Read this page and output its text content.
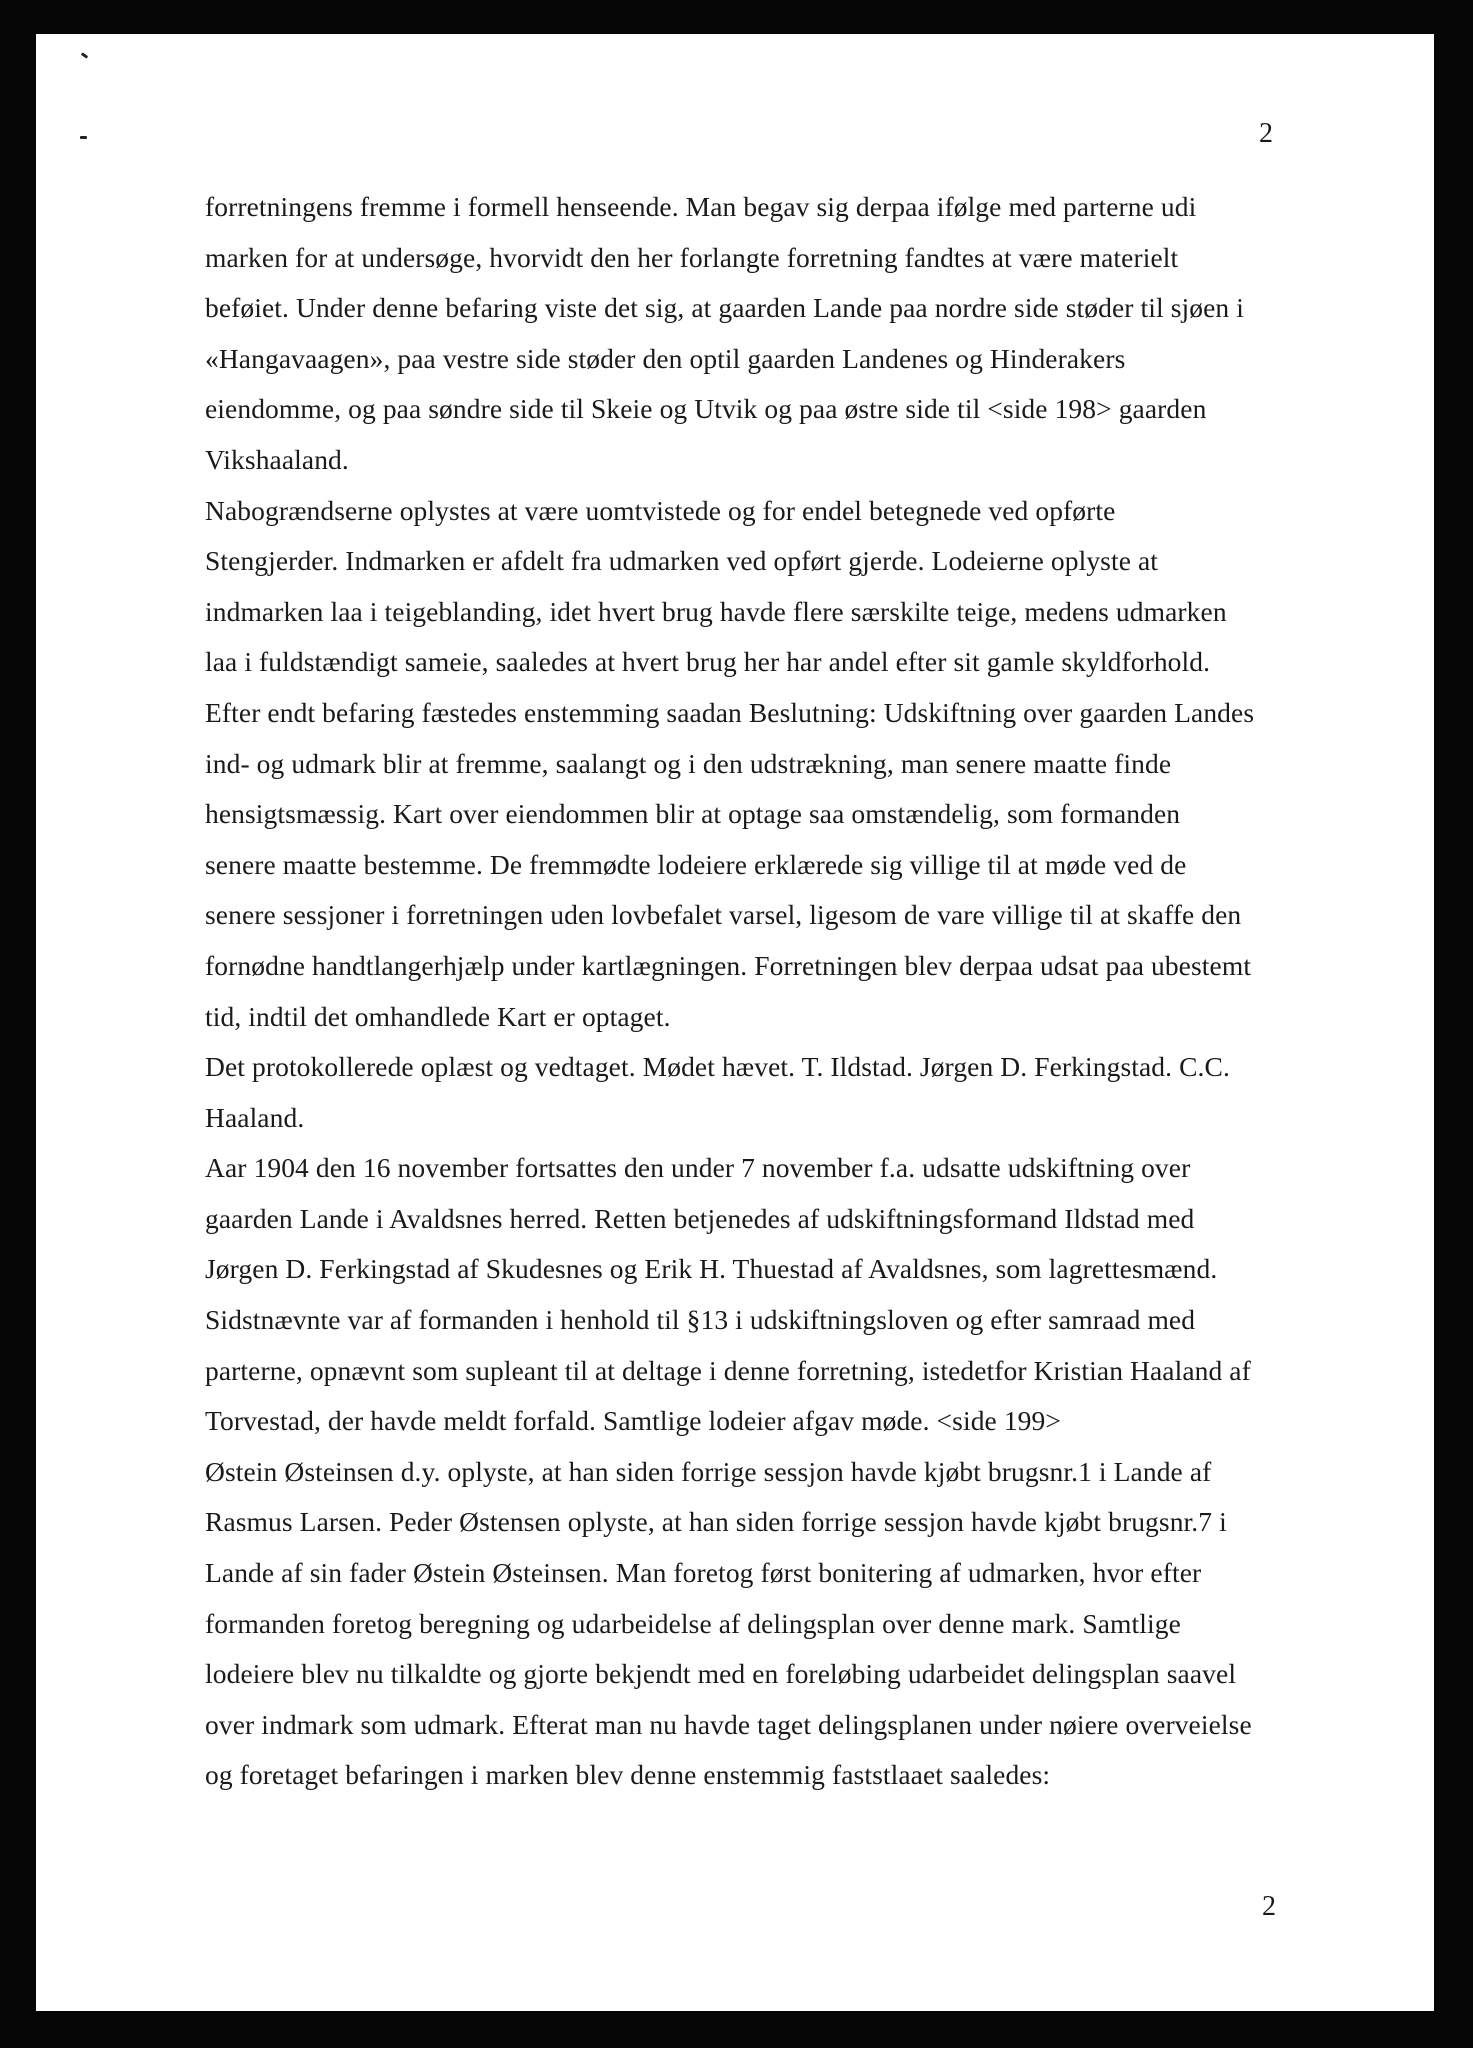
2
forretningens fremme i formell henseende. Man begav sig derpaa ifølge med parterne udi
marken for at undersøge, hvorvidt den her forlangte forretning fandtes at være materielt
beføiet. Under denne befaring viste det sig, at gaarden Lande paa nordre side støder til sjøen i
«Hangavaagen», paa vestre side støder den optil gaarden Landenes og Hinderakers
eiendomme, og paa søndre side til Skeie og Utvik og paa østre side til <side 198> gaarden
Vikshaaland.
Nabogrændserne oplystes at være uomtvistede og for endel betegnede ved opførte
Stengjerder. Indmarken er afdelt fra udmarken ved opført gjerde. Lodeierne oplyste at
indmarken laa i teigeblanding, idet hvert brug havde flere særskilte teige, medens udmarken
laa i fuldstændigt sameie, saaledes at hvert brug her har andel efter sit gamle skyldforhold.
Efter endt befaring fæstedes enstemming saadan Beslutning: Udskiftning over gaarden Landes
ind- og udmark blir at fremme, saalangt og i den udstrækning, man senere maatte finde
hensigtsmæssig. Kart over eiendommen blir at optage saa omstændelig, som formanden
senere maatte bestemme. De fremmødte lodeiere erklærede sig villige til at møde ved de
senere sessjoner i forretningen uden lovbefalet varsel, ligesom de vare villige til at skaffe den
fornødne handtlangerhjælp under kartlægningen. Forretningen blev derpaa udsat paa ubestemt
tid, indtil det omhandlede Kart er optaget.
Det protokollerede oplæst og vedtaget. Mødet hævet. T. Ildstad. Jørgen D. Ferkingstad. C.C.
Haaland.
Aar 1904 den 16 november fortsattes den under 7 november f.a. udsatte udskiftning over
gaarden Lande i Avaldsnes herred. Retten betjenedes af udskiftningsformand Ildstad med
Jørgen D. Ferkingstad af Skudesnes og Erik H. Thuestad af Avaldsnes, som lagrettesmænd.
Sidstnævnte var af formanden i henhold til §13 i udskiftningsloven og efter samraad med
parterne, opnævnt som supleant til at deltage i denne forretning, istedetfor Kristian Haaland af
Torvestad, der havde meldt forfald. Samtlige lodeier afgav møde. <side 199>
Østein Østeinsen d.y. oplyste, at han siden forrige sessjon havde kjøbt brugsnr.1 i Lande af
Rasmus Larsen. Peder Østensen oplyste, at han siden forrige sessjon havde kjøbt brugsnr.7 i
Lande af sin fader Østein Østeinsen. Man foretog først bonitering af udmarken, hvor efter
formanden foretog beregning og udarbeidelse af delingsplan over denne mark. Samtlige
lodeiere blev nu tilkaldte og gjorte bekjendt med en foreløbing udarbeidet delingsplan saavel
over indmark som udmark. Efterat man nu havde taget delingsplanen under nøiere overveielse
og foretaget befaringen i marken blev denne enstemmig faststlaaet saaledes:
2
